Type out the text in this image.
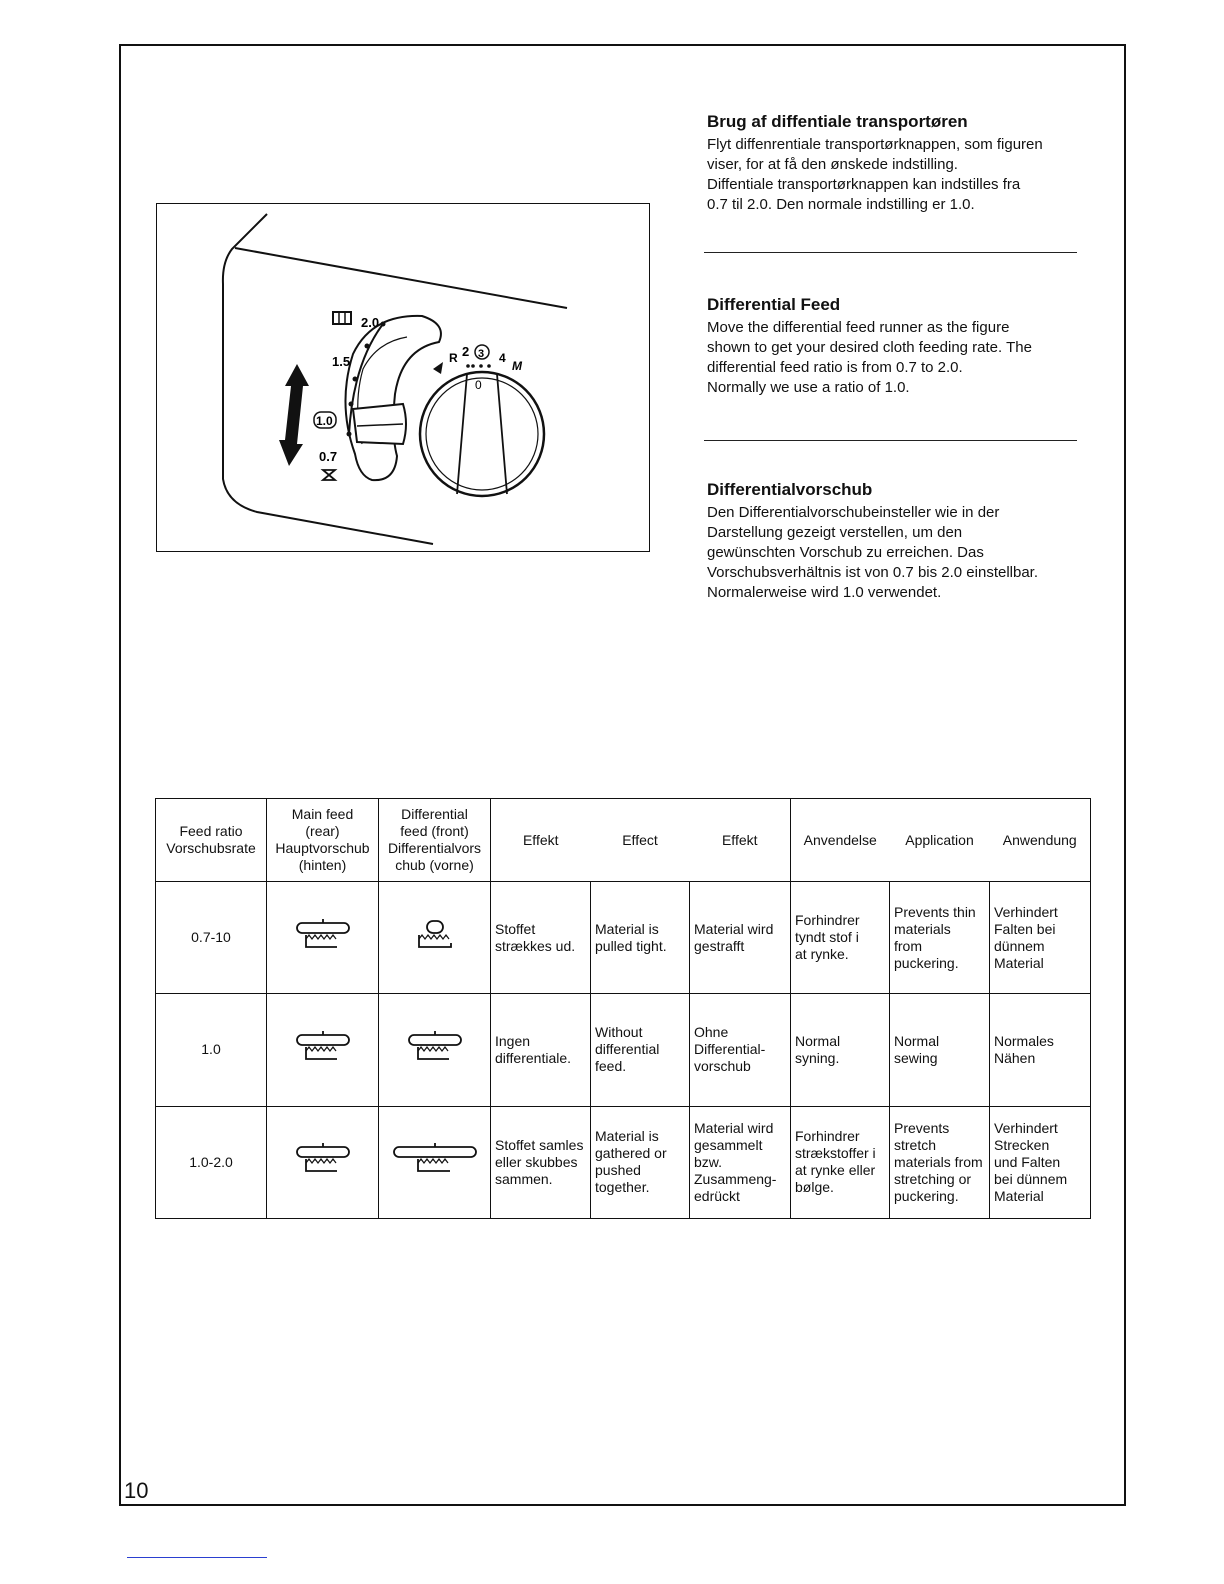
2.0
1.5
1.0
0.7
0
R 2 3 4
M
Brug af diffentiale transportøren

Flyt diffenrentiale transportørknappen, som figuren
viser, for at få den ønskede indstilling.
Diffentiale transportørknappen kan indstilles fra
0.7 til 2.0. Den normale indstilling er 1.0.

Differential Feed

Move the differential feed runner as the figure
shown to get your desired cloth feeding rate. The
differential feed ratio is from 0.7 to 2.0.
Normally we use a ratio of 1.0.

Differentialvorschub

Den Differentialvorschubeinsteller wie in der
Darstellung gezeigt verstellen, um den
gewünschten Vorschub zu erreichen. Das
Vorschubsverhältnis ist von 0.7 bis 2.0 einstellbar.
Normalerweise wird 1.0 verwendet.

Feed ratio
Vorschubsrate	Main feed
(rear)
Hauptvorschub
(hinten)	Differential
feed (front)
Differentialvors
chub (vorne)	Effekt	Effect	Effekt	Anvendelse	Application	Anwendung
0.7-10			Stoffet
strækkes ud.	Material is
pulled tight.	Material wird
gestrafft	Forhindrer
tyndt stof i
at rynke.	Prevents thin
materials
from
puckering.	Verhindert
Falten bei
dünnem
Material
1.0			Ingen
differentiale.	Without
differential
feed.	Ohne
Differential-
vorschub	Normal
syning.	Normal
sewing	Normales
Nähen
1.0-2.0			Stoffet samles
eller skubbes
sammen.	Material is
gathered or
pushed
together.	Material wird
gesammelt
bzw.
Zusammeng-
edrückt	Forhindrer
strækstoffer i
at rynke eller
bølge.	Prevents
stretch
materials from
stretching or
puckering.	Verhindert
Strecken
und Falten
bei dünnem
Material
10
